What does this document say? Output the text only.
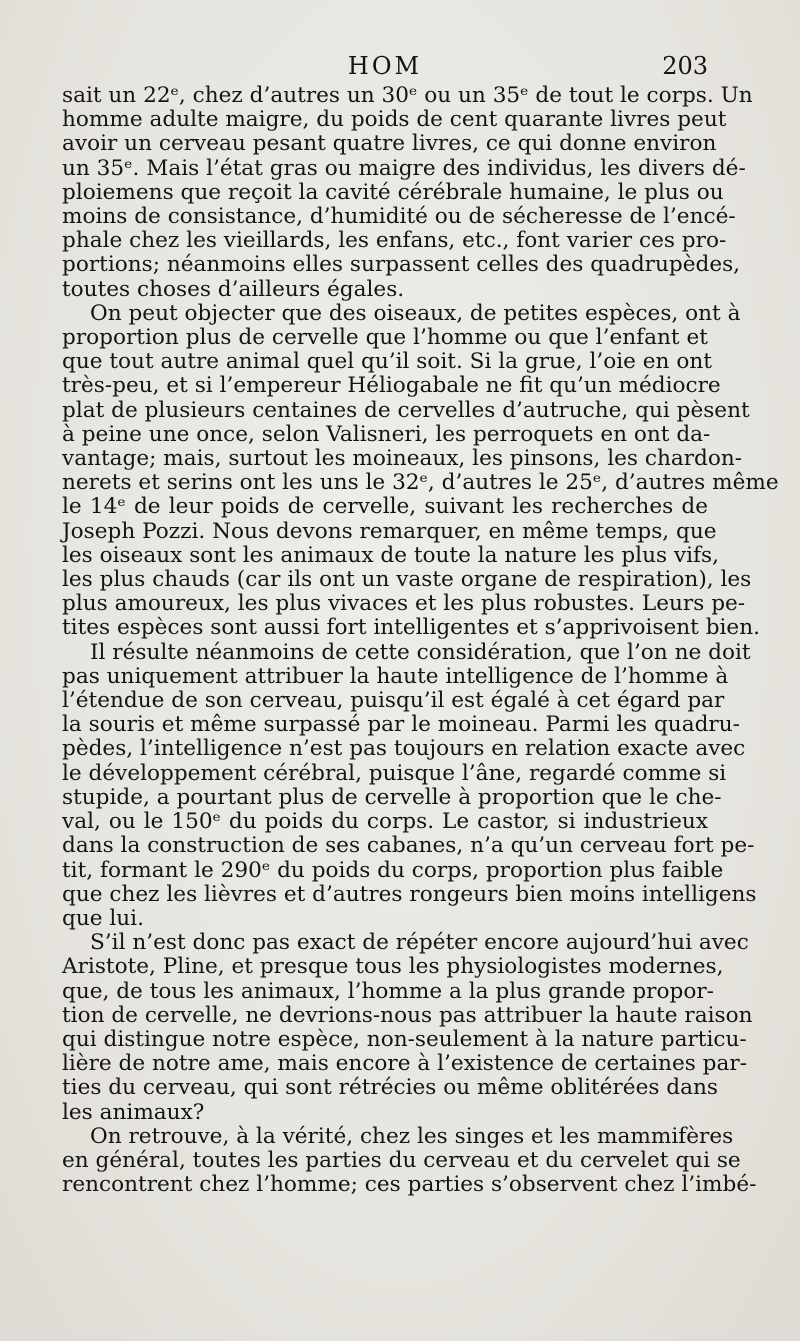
HOM	203

sait un 22ᵉ, chez d’autres un 30ᵉ ou un 35ᵉ de tout le corps. Un
homme adulte maigre, du poids de cent quarante livres peut
avoir un cerveau pesant quatre livres, ce qui donne environ
un 35ᵉ. Mais l’état gras ou maigre des individus, les divers dé-
ploiemens que reçoit la cavité cérébrale humaine, le plus ou
moins de consistance, d’humidité ou de sécheresse de l’encé-
phale chez les vieillards, les enfans, etc., font varier ces pro-
portions; néanmoins elles surpassent celles des quadrupèdes,
toutes choses d’ailleurs égales.

On peut objecter que des oiseaux, de petites espèces, ont à
proportion plus de cervelle que l’homme ou que l’enfant et
que tout autre animal quel qu’il soit. Si la grue, l’oie en ont
très-peu, et si l’empereur Héliogabale ne fit qu’un médiocre
plat de plusieurs centaines de cervelles d’autruche, qui pèsent
à peine une once, selon Valisneri, les perroquets en ont da-
vantage; mais, surtout les moineaux, les pinsons, les chardon-
nerets et serins ont les uns le 32ᵉ, d’autres le 25ᵉ, d’autres même
le 14ᵉ de leur poids de cervelle, suivant les recherches de
Joseph Pozzi. Nous devons remarquer, en même temps, que
les oiseaux sont les animaux de toute la nature les plus vifs,
les plus chauds (car ils ont un vaste organe de respiration), les
plus amoureux, les plus vivaces et les plus robustes. Leurs pe-
tites espèces sont aussi fort intelligentes et s’apprivoisent bien.

Il résulte néanmoins de cette considération, que l’on ne doit
pas uniquement attribuer la haute intelligence de l’homme à
l’étendue de son cerveau, puisqu’il est égalé à cet égard par
la souris et même surpassé par le moineau. Parmi les quadru-
pèdes, l’intelligence n’est pas toujours en relation exacte avec
le développement cérébral, puisque l’âne, regardé comme si
stupide, a pourtant plus de cervelle à proportion que le che-
val, ou le 150ᵉ du poids du corps. Le castor, si industrieux
dans la construction de ses cabanes, n’a qu’un cerveau fort pe-
tit, formant le 290ᵉ du poids du corps, proportion plus faible
que chez les lièvres et d’autres rongeurs bien moins intelligens
que lui.

S’il n’est donc pas exact de répéter encore aujourd’hui avec
Aristote, Pline, et presque tous les physiologistes modernes,
que, de tous les animaux, l’homme a la plus grande propor-
tion de cervelle, ne devrions-nous pas attribuer la haute raison
qui distingue notre espèce, non-seulement à la nature particu-
lière de notre ame, mais encore à l’existence de certaines par-
ties du cerveau, qui sont rétrécies ou même oblitérées dans
les animaux?

On retrouve, à la vérité, chez les singes et les mammifères
en général, toutes les parties du cerveau et du cervelet qui se
rencontrent chez l’homme; ces parties s’observent chez l’imbé-
